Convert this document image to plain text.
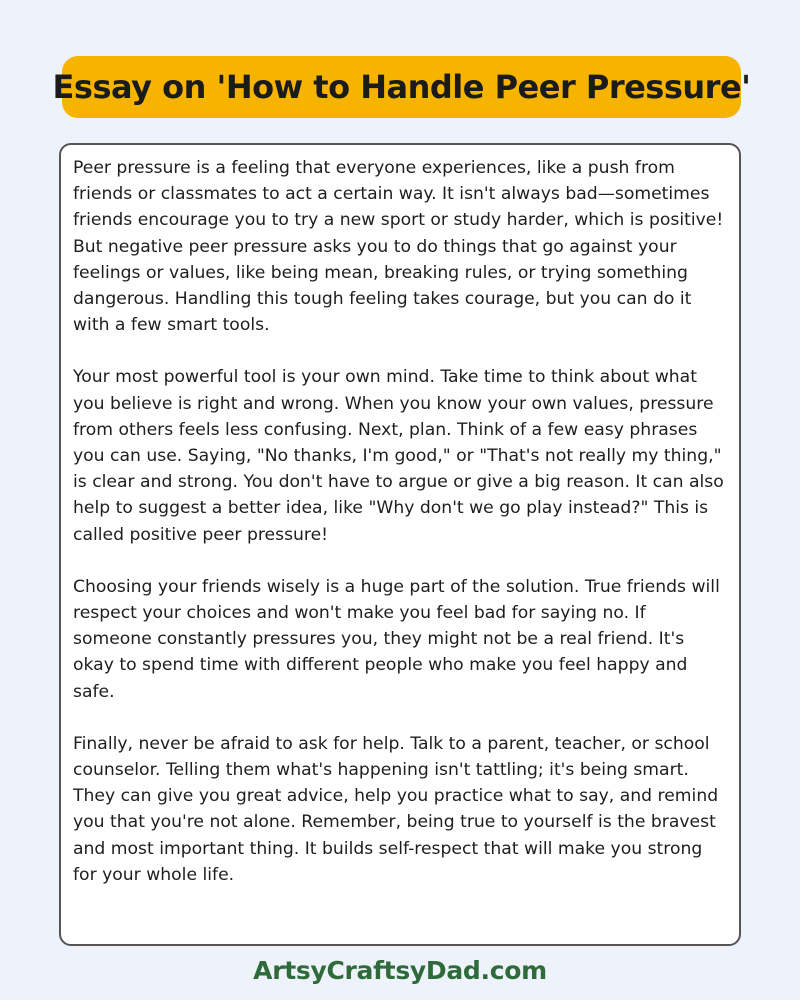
Essay on 'How to Handle Peer Pressure'

Peer pressure is a feeling that everyone experiences, like a push from friends or classmates to act a certain way. It isn't always bad—sometimes friends encourage you to try a new sport or study harder, which is positive! But negative peer pressure asks you to do things that go against your feelings or values, like being mean, breaking rules, or trying something dangerous. Handling this tough feeling takes courage, but you can do it with a few smart tools.

Your most powerful tool is your own mind. Take time to think about what you believe is right and wrong. When you know your own values, pressure from others feels less confusing. Next, plan. Think of a few easy phrases you can use. Saying, "No thanks, I'm good," or "That's not really my thing," is clear and strong. You don't have to argue or give a big reason. It can also help to suggest a better idea, like "Why don't we go play instead?" This is called positive peer pressure!

Choosing your friends wisely is a huge part of the solution. True friends will respect your choices and won't make you feel bad for saying no. If someone constantly pressures you, they might not be a real friend. It's okay to spend time with different people who make you feel happy and safe.

Finally, never be afraid to ask for help. Talk to a parent, teacher, or school counselor. Telling them what's happening isn't tattling; it's being smart. They can give you great advice, help you practice what to say, and remind you that you're not alone. Remember, being true to yourself is the bravest and most important thing. It builds self-respect that will make you strong for your whole life.

ArtsyCraftsyDad.com
